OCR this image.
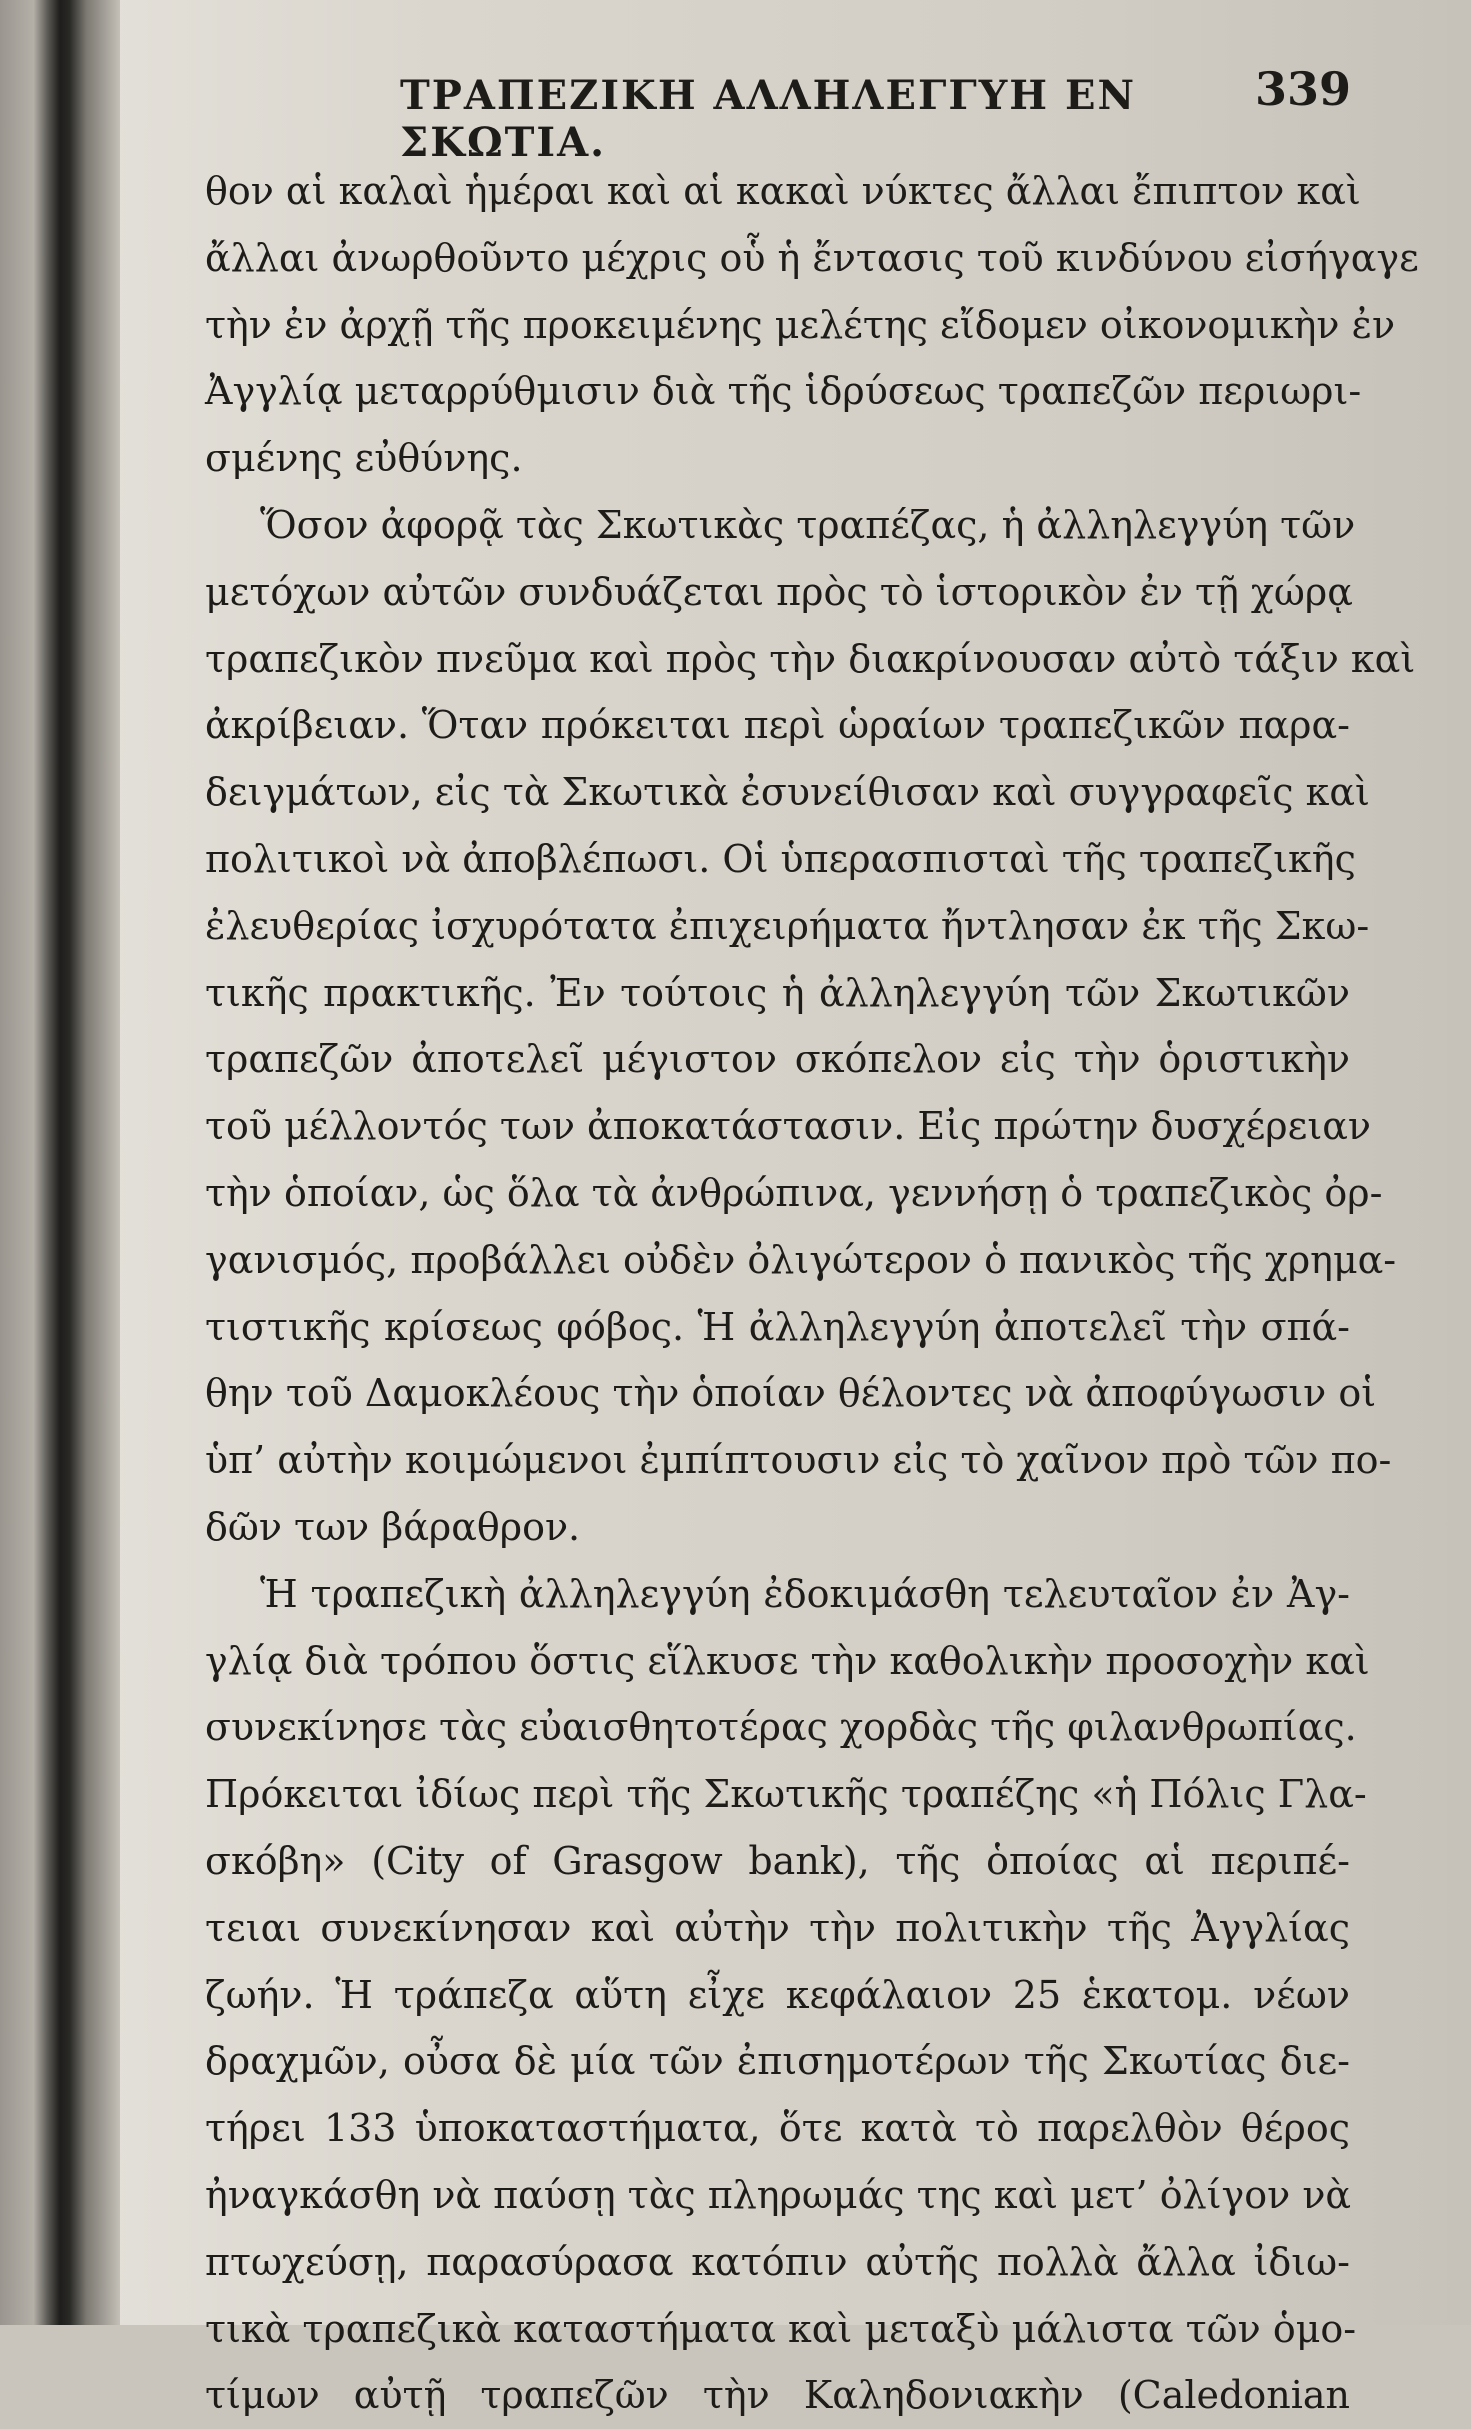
ΤΡΑΠΕΖΙΚΗ ΑΛΛΗΛΕΓΓΥΗ ΕΝ ΣΚΩΤΙΑ.
339
θον αἱ καλαὶ ἡμέραι καὶ αἱ κακαὶ νύκτες ἄλλαι ἔπιπτον καὶ
ἄλλαι ἀνωρθοῦντο μέχρις οὗ ἡ ἔντασις τοῦ κινδύνου εἰσήγαγε
τὴν ἐν ἀρχῇ τῆς προκειμένης μελέτης εἴδομεν οἰκονομικὴν ἐν
Ἀγγλίᾳ μεταρρύθμισιν διὰ τῆς ἱδρύσεως τραπεζῶν περιωρι-
σμένης εὐθύνης.
Ὅσον ἀφορᾷ τὰς Σκωτικὰς τραπέζας, ἡ ἀλληλεγγύη τῶν
μετόχων αὐτῶν συνδυάζεται πρὸς τὸ ἱστορικὸν ἐν τῇ χώρᾳ
τραπεζικὸν πνεῦμα καὶ πρὸς τὴν διακρίνουσαν αὐτὸ τάξιν καὶ
ἀκρίβειαν. Ὅταν πρόκειται περὶ ὡραίων τραπεζικῶν παρα-
δειγμάτων, εἰς τὰ Σκωτικὰ ἐσυνείθισαν καὶ συγγραφεῖς καὶ
πολιτικοὶ νὰ ἀποβλέπωσι. Οἱ ὑπερασπισταὶ τῆς τραπεζικῆς
ἐλευθερίας ἰσχυρότατα ἐπιχειρήματα ἤντλησαν ἐκ τῆς Σκω-
τικῆς πρακτικῆς. Ἐν τούτοις ἡ ἀλληλεγγύη τῶν Σκωτικῶν
τραπεζῶν ἀποτελεῖ μέγιστον σκόπελον εἰς τὴν ὁριστικὴν
τοῦ μέλλοντός των ἀποκατάστασιν. Εἰς πρώτην δυσχέρειαν
τὴν ὁποίαν, ὡς ὅλα τὰ ἀνθρώπινα, γεννήσῃ ὁ τραπεζικὸς ὀρ-
γανισμός, προβάλλει οὐδὲν ὀλιγώτερον ὁ πανικὸς τῆς χρημα-
τιστικῆς κρίσεως φόβος. Ἡ ἀλληλεγγύη ἀποτελεῖ τὴν σπά-
θην τοῦ Δαμοκλέους τὴν ὁποίαν θέλοντες νὰ ἀποφύγωσιν οἱ
ὑπ’ αὐτὴν κοιμώμενοι ἐμπίπτουσιν εἰς τὸ χαῖνον πρὸ τῶν πο-
δῶν των βάραθρον.
Ἡ τραπεζικὴ ἀλληλεγγύη ἐδοκιμάσθη τελευταῖον ἐν Ἀγ-
γλίᾳ διὰ τρόπου ὅστις εἵλκυσε τὴν καθολικὴν προσοχὴν καὶ
συνεκίνησε τὰς εὐαισθητοτέρας χορδὰς τῆς φιλανθρωπίας.
Πρόκειται ἰδίως περὶ τῆς Σκωτικῆς τραπέζης «ἡ Πόλις Γλα-
σκόβη» (City of Grasgow bank), τῆς ὁποίας αἱ περιπέ-
τειαι συνεκίνησαν καὶ αὐτὴν τὴν πολιτικὴν τῆς Ἀγγλίας
ζωήν. Ἡ τράπεζα αὕτη εἶχε κεφάλαιον 25 ἑκατομ. νέων
δραχμῶν, οὖσα δὲ μία τῶν ἐπισημοτέρων τῆς Σκωτίας διε-
τήρει 133 ὑποκαταστήματα, ὅτε κατὰ τὸ παρελθὸν θέρος
ἠναγκάσθη νὰ παύσῃ τὰς πληρωμάς της καὶ μετ’ ὀλίγον νὰ
πτωχεύσῃ, παρασύρασα κατόπιν αὐτῆς πολλὰ ἄλλα ἰδιω-
τικὰ τραπεζικὰ καταστήματα καὶ μεταξὺ μάλιστα τῶν ὁμο-
τίμων αὐτῇ τραπεζῶν τὴν Καληδονιακὴν (Caledonian
